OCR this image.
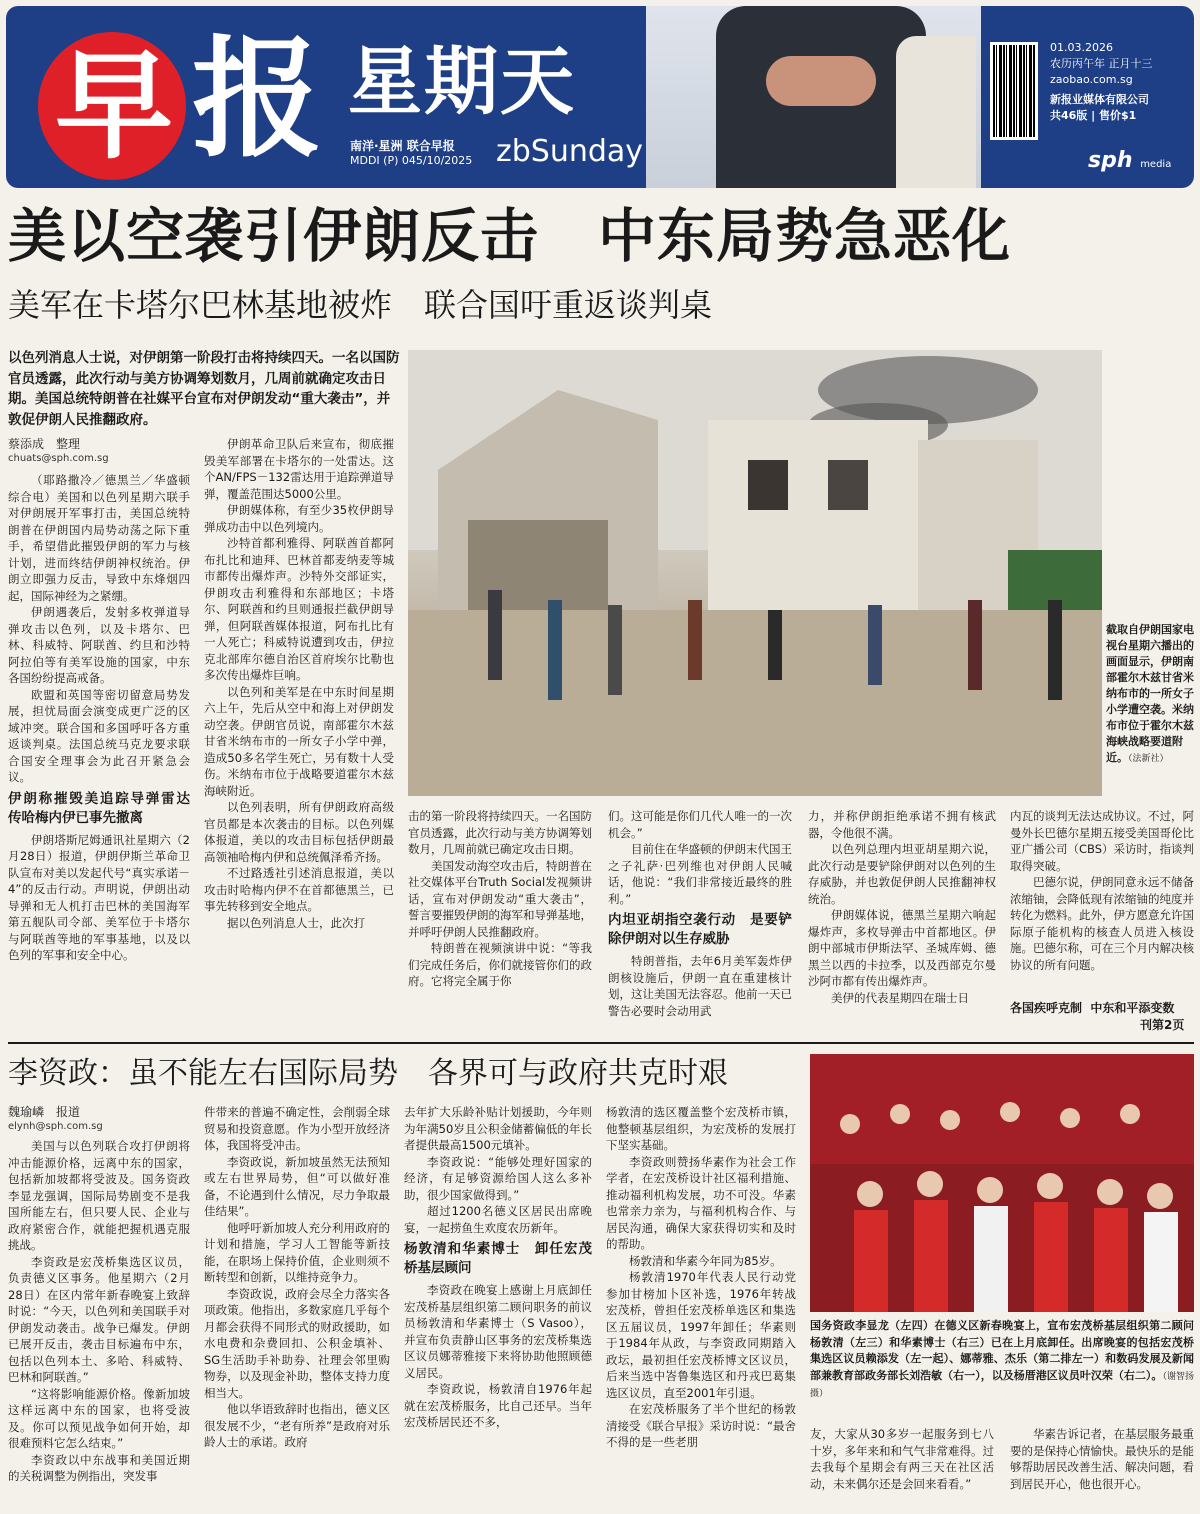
早 报 星期天
南洋·星洲 联合早报
MDDI (P) 045/10/2025 zbSunday
01.03.2026
农历丙午年 正月十三
zaobao.com.sg
新报业媒体有限公司
共46版 | 售价$1
sph media
美以空袭引伊朗反击　中东局势急恶化
美军在卡塔尔巴林基地被炸　联合国吁重返谈判桌
以色列消息人士说，对伊朗第一阶段打击将持续四天。一名以国防官员透露，此次行动与美方协调筹划数月，几周前就确定攻击日期。美国总统特朗普在社媒平台宣布对伊朗发动“重大袭击”，并敦促伊朗人民推翻政府。
蔡添成　整理
chuats@sph.com.sg

（耶路撒冷／德黑兰／华盛顿综合电）美国和以色列星期六联手对伊朗展开军事打击，美国总统特朗普在伊朗国内局势动荡之际下重手，希望借此摧毁伊朗的军力与核计划，进而终结伊朗神权统治。伊朗立即强力反击，导致中东烽烟四起，国际神经为之紧绷。

伊朗遇袭后，发射多枚弹道导弹攻击以色列，以及卡塔尔、巴林、科威特、阿联酋、约旦和沙特阿拉伯等有美军设施的国家，中东各国纷纷提高戒备。

欧盟和英国等密切留意局势发展，担忧局面会演变成更广泛的区域冲突。联合国和多国呼吁各方重返谈判桌。法国总统马克龙要求联合国安全理事会为此召开紧急会议。

伊朗称摧毁美追踪导弹雷达　传哈梅内伊已事先撤离

伊朗塔斯尼姆通讯社星期六（2月28日）报道，伊朗伊斯兰革命卫队宣布对美以发起代号“真实承诺－4”的反击行动。声明说，伊朗出动导弹和无人机打击巴林的美国海军第五舰队司令部、美军位于卡塔尔与阿联酋等地的军事基地，以及以色列的军事和安全中心。

伊朗革命卫队后来宣布，彻底摧毁美军部署在卡塔尔的一处雷达。这个AN/FPS－132雷达用于追踪弹道导弹，覆盖范围达5000公里。

伊朗媒体称，有至少35枚伊朗导弹成功击中以色列境内。

沙特首都利雅得、阿联酋首都阿布扎比和迪拜、巴林首都麦纳麦等城市都传出爆炸声。沙特外交部证实，伊朗攻击利雅得和东部地区；卡塔尔、阿联酋和约旦则通报拦截伊朗导弹，但阿联酋媒体报道，阿布扎比有一人死亡；科威特说遭到攻击，伊拉克北部库尔德自治区首府埃尔比勒也多次传出爆炸巨响。

以色列和美军是在中东时间星期六上午，先后从空中和海上对伊朗发动空袭。伊朗官员说，南部霍尔木兹甘省米纳布市的一所女子小学中弹，造成50多名学生死亡，另有数十人受伤。米纳布市位于战略要道霍尔木兹海峡附近。

以色列表明，所有伊朗政府高级官员都是本次袭击的目标。以色列媒体报道，美以的攻击目标包括伊朗最高领袖哈梅内伊和总统佩泽希齐扬。

不过路透社引述消息报道，美以攻击时哈梅内伊不在首都德黑兰，已事先转移到安全地点。

据以色列消息人士，此次打

截取自伊朗国家电视台星期六播出的画面显示，伊朗南部霍尔木兹甘省米纳布市的一所女子小学遭空袭。米纳布市位于霍尔木兹海峡战略要道附近。（法新社）

击的第一阶段将持续四天。一名国防官员透露，此次行动与美方协调筹划数月，几周前就已确定攻击日期。

美国发动海空攻击后，特朗普在社交媒体平台Truth Social发视频讲话，宣布对伊朗发动“重大袭击”，誓言要摧毁伊朗的海军和导弹基地，并呼吁伊朗人民推翻政府。

特朗普在视频演讲中说：“等我们完成任务后，你们就接管你们的政府。它将完全属于你

们。这可能是你们几代人唯一的一次机会。”

目前住在华盛顿的伊朗末代国王之子礼萨·巴列维也对伊朗人民喊话，他说：“我们非常接近最终的胜利。”

内坦亚胡指空袭行动　是要铲除伊朗对以生存威胁

特朗普指，去年6月美军轰炸伊朗核设施后，伊朗一直在重建核计划，这让美国无法容忍。他前一天已警告必要时会动用武

力，并称伊朗拒绝承诺不拥有核武器，令他很不满。

以色列总理内坦亚胡星期六说，此次行动是要铲除伊朗对以色列的生存威胁，并也敦促伊朗人民推翻神权统治。

伊朗媒体说，德黑兰星期六响起爆炸声，多枚导弹击中首都地区。伊朗中部城市伊斯法罕、圣城库姆、德黑兰以西的卡拉季，以及西部克尔曼沙阿市都有传出爆炸声。

美伊的代表星期四在瑞士日

内瓦的谈判无法达成协议。不过，阿曼外长巴德尔星期五接受美国哥伦比亚广播公司（CBS）采访时，指谈判取得突破。

巴德尔说，伊朗同意永远不储备浓缩铀，会降低现有浓缩铀的纯度并转化为燃料。此外，伊方愿意允许国际原子能机构的核查人员进入核设施。巴德尔称，可在三个月内解决核协议的所有问题。

各国疾呼克制 中东和平添变数
刊第2页
李资政：虽不能左右国际局势　各界可与政府共克时艰
魏瑜嶙　报道
elynh@sph.com.sg

美国与以色列联合攻打伊朗将冲击能源价格，远离中东的国家，包括新加坡都将受波及。国务资政李显龙强调，国际局势剧变不是我国所能左右，但只要人民、企业与政府紧密合作，就能把握机遇克服挑战。

李资政是宏茂桥集选区议员，负责德义区事务。他星期六（2月28日）在区内常年新春晚宴上致辞时说：“今天，以色列和美国联手对伊朗发动袭击。战争已爆发。伊朗已展开反击，袭击目标遍布中东，包括以色列本土、多哈、科威特、巴林和阿联酋。”

“这将影响能源价格。像新加坡这样远离中东的国家，也将受波及。你可以预见战争如何开始，却很难预料它怎么结束。”

李资政以中东战事和美国近期的关税调整为例指出，突发事

件带来的普遍不确定性，会削弱全球贸易和投资意愿。作为小型开放经济体，我国将受冲击。

李资政说，新加坡虽然无法预知或左右世界局势，但“可以做好准备，不论遇到什么情况，尽力争取最佳结果”。

他呼吁新加坡人充分利用政府的计划和措施，学习人工智能等新技能，在职场上保持价值，企业则须不断转型和创新，以维持竞争力。

李资政说，政府会尽全力落实各项政策。他指出，多数家庭几乎每个月都会获得不同形式的财政援助，如水电费和杂费回扣、公积金填补、SG生活助手补助券、社理会邻里购物券，以及现金补助，整体支持力度相当大。

他以华语致辞时也指出，德义区很发展不少，“老有所养”是政府对乐龄人士的承诺。政府

去年扩大乐龄补贴计划援助，今年则为年满50岁且公积金储蓄偏低的年长者提供最高1500元填补。

李资政说：“能够处理好国家的经济，有足够资源给国人这么多补助，很少国家做得到。”

超过1200名德义区居民出席晚宴，一起捞鱼生欢度农历新年。

杨敦清和华素博士　卸任宏茂桥基层顾问

李资政在晚宴上感谢上月底卸任宏茂桥基层组织第二顾问职务的前议员杨敦清和华素博士（S Vasoo），并宣布负责静山区事务的宏茂桥集选区议员娜蒂雅接下来将协助他照顾德义居民。

李资政说，杨敦清自1976年起就在宏茂桥服务，比自己还早。当年宏茂桥居民还不多，

杨敦清的选区覆盖整个宏茂桥市镇，他整顿基层组织，为宏茂桥的发展打下坚实基础。

李资政则赞扬华素作为社会工作学者，在宏茂桥设计社区福利措施、推动福利机构发展，功不可没。华素也常亲力亲为，与福利机构合作、与居民沟通，确保大家获得切实和及时的帮助。

杨敦清和华素今年同为85岁。

杨敦清1970年代表人民行动党参加甘榜加卜区补选，1976年转战宏茂桥，曾担任宏茂桥单选区和集选区五届议员，1997年卸任；华素则于1984年从政，与李资政同期踏入政坛，最初担任宏茂桥博文区议员，后来当选中峇鲁集选区和丹戎巴葛集选区议员，直至2001年引退。

在宏茂桥服务了半个世纪的杨敦清接受《联合早报》采访时说：“最舍不得的是一些老朋

国务资政李显龙（左四）在德义区新春晚宴上，宣布宏茂桥基层组织第二顾问杨敦清（左三）和华素博士（右三）已在上月底卸任。出席晚宴的包括宏茂桥集选区议员赖添发（左一起）、娜蒂雅、杰乐（第二排左一）和数码发展及新闻部兼教育部政务部长刘浩敏（右一），以及杨厝港区议员叶汉荣（右二）。（谢智扬摄）

友，大家从30多岁一起服务到七八十岁，多年来和和气气非常难得。过去我每个星期会有两三天在社区活动，未来偶尔还是会回来看看。”

华素告诉记者，在基层服务最重要的是保持心情愉快。最快乐的是能够帮助居民改善生活、解决问题，看到居民开心，他也很开心。
